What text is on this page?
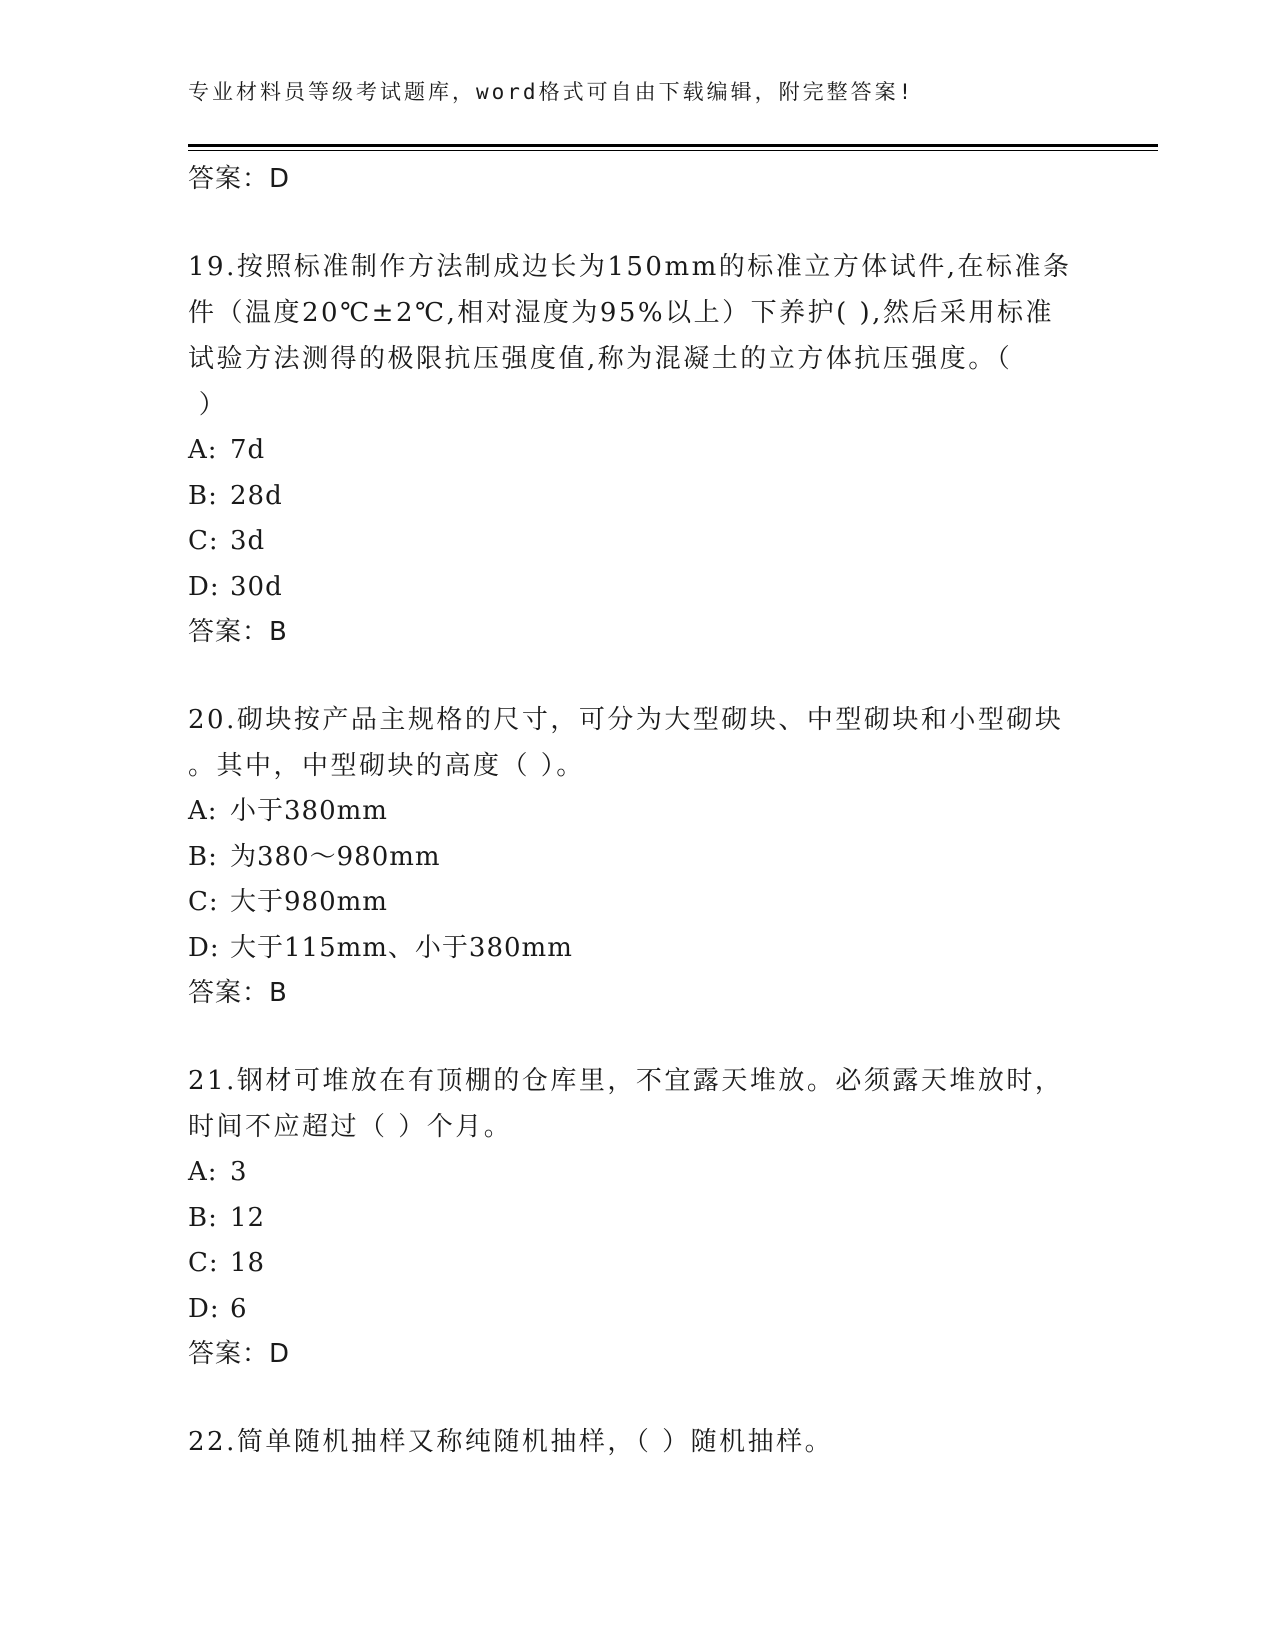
专业材料员等级考试题库，word格式可自由下载编辑，附完整答案!
答案：D
19.按照标准制作方法制成边长为150mm的标准立方体试件,在标准条
件（温度20℃±2℃,相对湿度为95%以上）下养护( ),然后采用标准
试验方法测得的极限抗压强度值,称为混凝土的立方体抗压强度。（
）
A: 7d
B: 28d
C: 3d
D: 30d
答案：B
20.砌块按产品主规格的尺寸，可分为大型砌块、中型砌块和小型砌块
。其中，中型砌块的高度（ ）。
A: 小于380mm
B: 为380～980mm
C: 大于980mm
D: 大于115mm、小于380mm
答案：B
21.钢材可堆放在有顶棚的仓库里，不宜露天堆放。必须露天堆放时，
时间不应超过（ ）个月。
A: 3
B: 12
C: 18
D: 6
答案：D
22.简单随机抽样又称纯随机抽样，（ ）随机抽样。
